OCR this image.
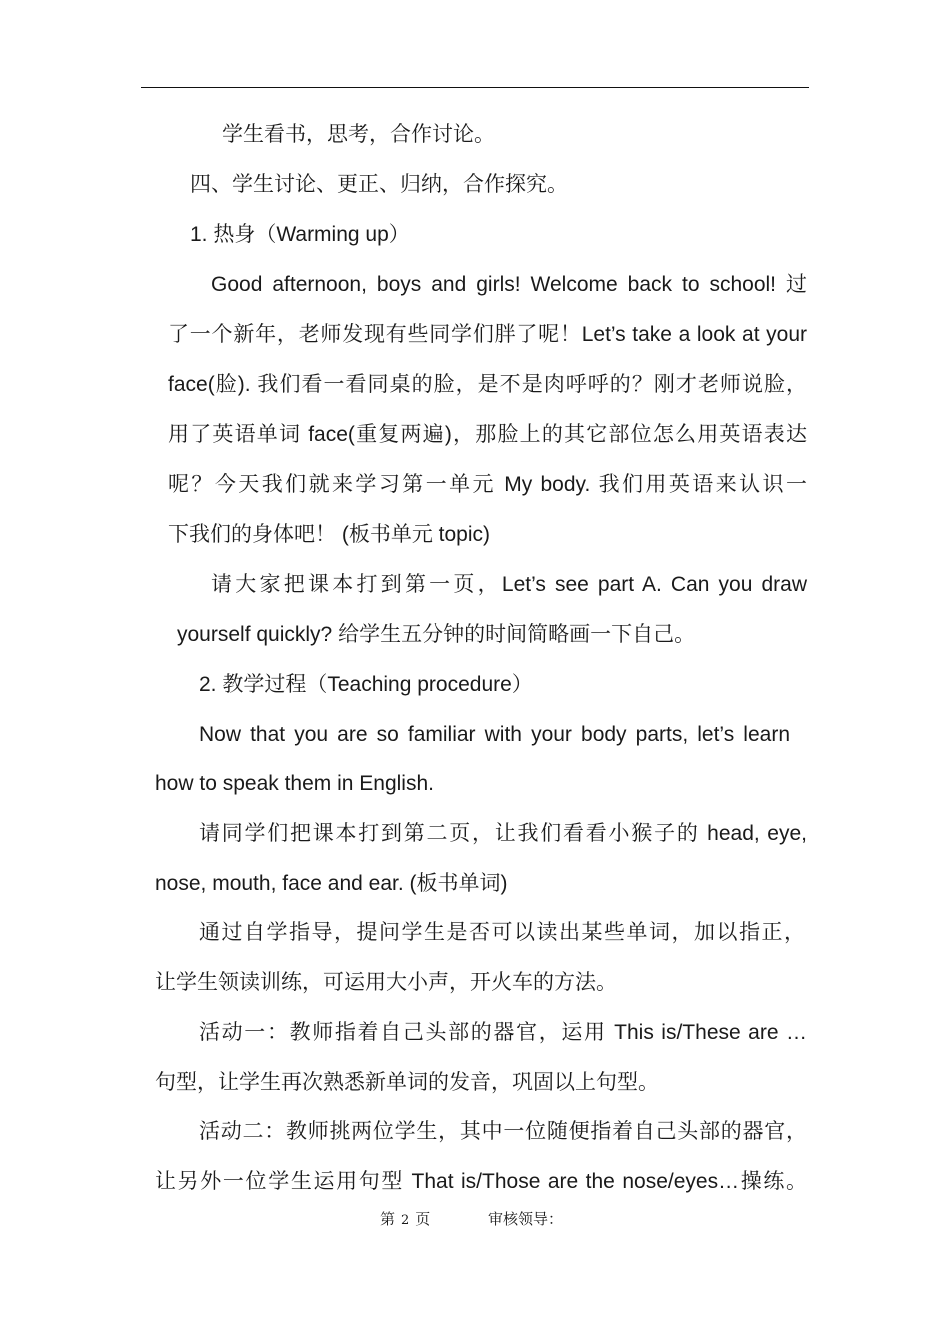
学生看书，思考，合作讨论。
四、学生讨论、更正、归纳，合作探究。
1. 热身（Warming up）
Good afternoon, boys and girls! Welcome back to school! 过
了一个新年，老师发现有些同学们胖了呢！Let’s take a look at your
face(脸). 我们看一看同桌的脸，是不是肉呼呼的？刚才老师说脸，
用了英语单词 face(重复两遍)，那脸上的其它部位怎么用英语表达
呢？今天我们就来学习第一单元 My body. 我们用英语来认识一
下我们的身体吧！ (板书单元 topic)
请大家把课本打到第一页，Let’s see part A. Can you draw
yourself quickly? 给学生五分钟的时间简略画一下自己。
2. 教学过程（Teaching procedure）
Now that you are so familiar with your body parts, let’s learn
how to speak them in English.
请同学们把课本打到第二页，让我们看看小猴子的 head, eye,
nose, mouth, face and ear. (板书单词)
通过自学指导，提问学生是否可以读出某些单词，加以指正，
让学生领读训练，可运用大小声，开火车的方法。
活动一：教师指着自己头部的器官，运用 This is/These are …
句型，让学生再次熟悉新单词的发音，巩固以上句型。
活动二：教师挑两位学生，其中一位随便指着自己头部的器官，
让另外一位学生运用句型 That is/Those are the nose/eyes…操练。
第 2 页	审核领导：
